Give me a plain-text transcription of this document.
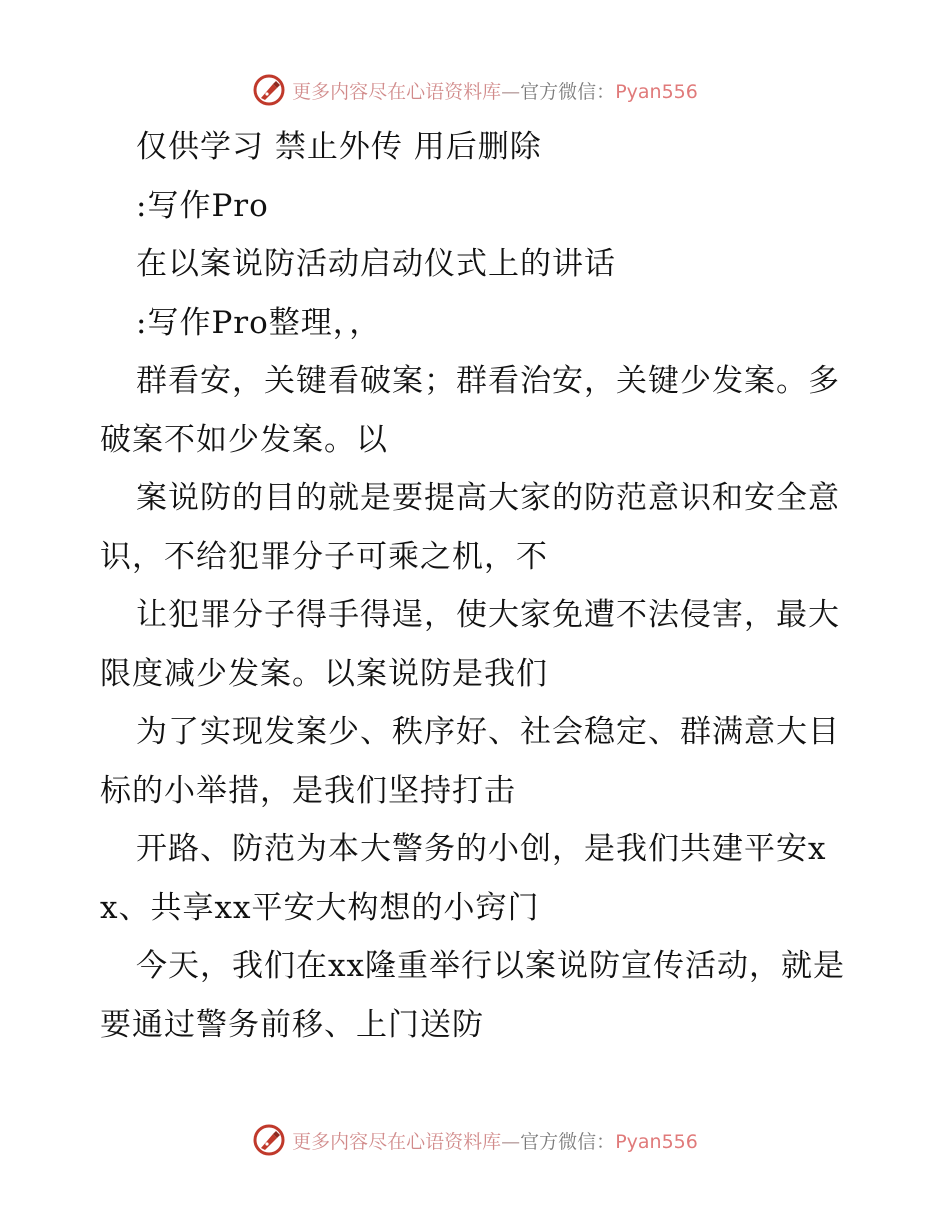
更多内容尽在心语资料库—官方微信：Pyan556

仅供学习 禁止外传 用后删除

:写作Pro

在以案说防活动启动仪式上的讲话

:写作Pro整理，，

群看安，关键看破案；群看治安，关键少发案。多破案不如少发案。以

案说防的目的就是要提高大家的防范意识和安全意识，不给犯罪分子可乘之机，不

让犯罪分子得手得逞，使大家免遭不法侵害，最大限度减少发案。以案说防是我们

为了实现发案少、秩序好、社会稳定、群满意大目标的小举措，是我们坚持打击

开路、防范为本大警务的小创，是我们共建平安xx、共享xx平安大构想的小窍门

今天，我们在xx隆重举行以案说防宣传活动，就是要通过警务前移、上门送防

更多内容尽在心语资料库—官方微信：Pyan556
